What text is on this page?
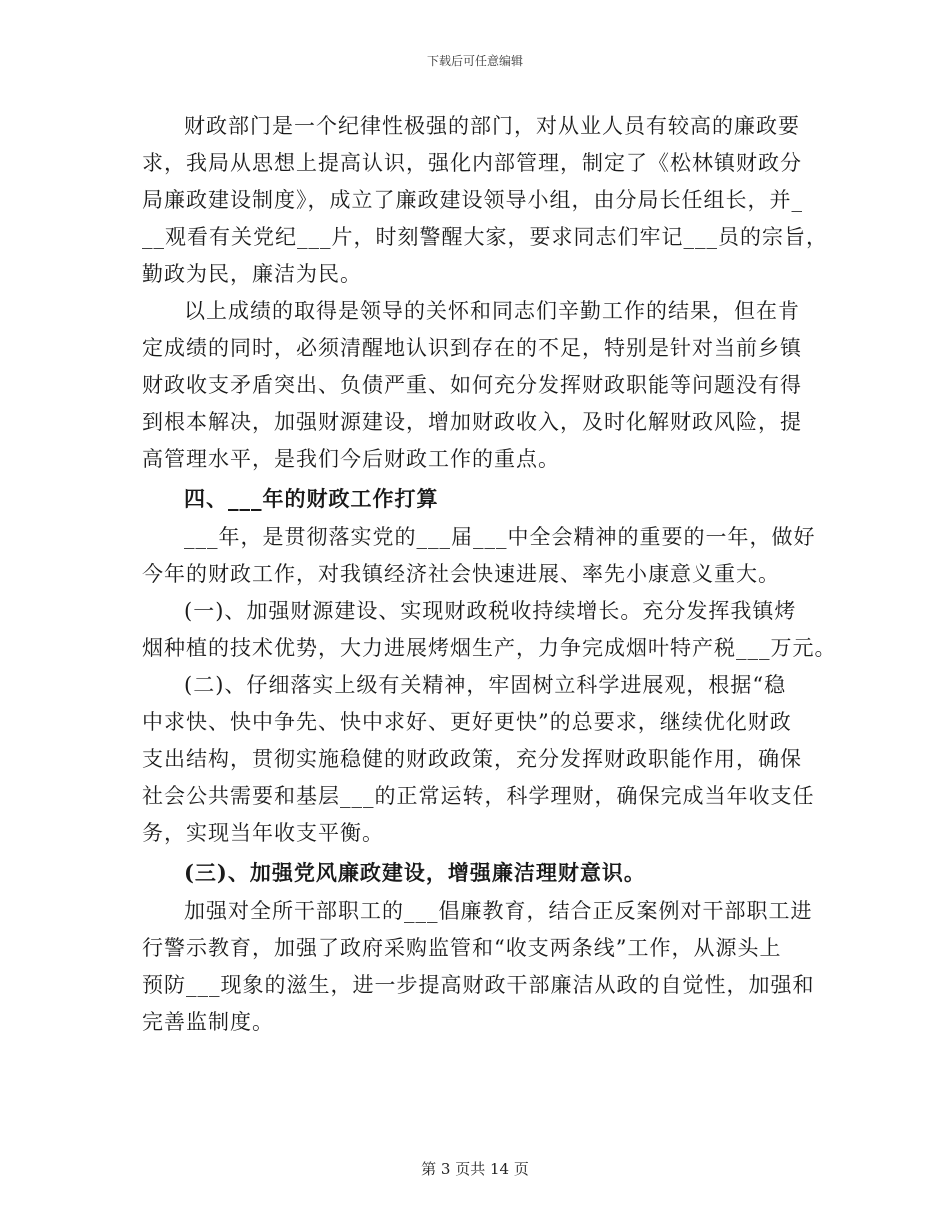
下载后可任意编辑
财政部门是一个纪律性极强的部门，对从业人员有较高的廉政要
求，我局从思想上提高认识，强化内部管理，制定了《松林镇财政分
局廉政建设制度》，成立了廉政建设领导小组，由分局长任组长，并_
__观看有关党纪___片，时刻警醒大家，要求同志们牢记___员的宗旨，
勤政为民，廉洁为民。
以上成绩的取得是领导的关怀和同志们辛勤工作的结果，但在肯
定成绩的同时，必须清醒地认识到存在的不足，特别是针对当前乡镇
财政收支矛盾突出、负债严重、如何充分发挥财政职能等问题没有得
到根本解决，加强财源建设，增加财政收入，及时化解财政风险，提
高管理水平，是我们今后财政工作的重点。
四、___年的财政工作打算
___年，是贯彻落实党的___届___中全会精神的重要的一年，做好
今年的财政工作，对我镇经济社会快速进展、率先小康意义重大。
(一)、加强财源建设、实现财政税收持续增长。充分发挥我镇烤
烟种植的技术优势，大力进展烤烟生产，力争完成烟叶特产税___万元。
(二)、仔细落实上级有关精神，牢固树立科学进展观，根据“稳
中求快、快中争先、快中求好、更好更快”的总要求，继续优化财政
支出结构，贯彻实施稳健的财政政策，充分发挥财政职能作用，确保
社会公共需要和基层___的正常运转，科学理财，确保完成当年收支任
务，实现当年收支平衡。
(三)、加强党风廉政建设，增强廉洁理财意识。
加强对全所干部职工的___倡廉教育，结合正反案例对干部职工进
行警示教育，加强了政府采购监管和“收支两条线”工作，从源头上
预防___现象的滋生，进一步提高财政干部廉洁从政的自觉性，加强和
完善监制度。
第 3 页共 14 页
